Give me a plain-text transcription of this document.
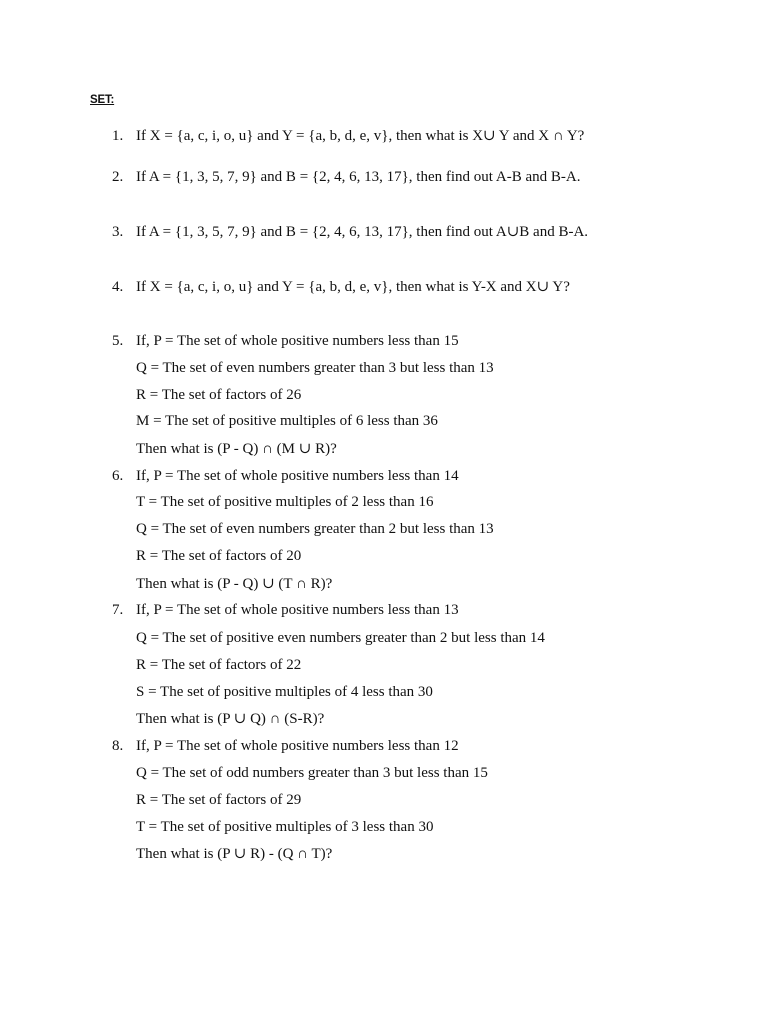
SET:
1. If X = {a, c, i, o, u} and Y = {a, b, d, e, v}, then what is X∪ Y and X ∩ Y?
2. If A = {1, 3, 5, 7, 9} and B = {2, 4, 6, 13, 17}, then find out A-B and B-A.
3. If A = {1, 3, 5, 7, 9} and B = {2, 4, 6, 13, 17}, then find out A∪B and B-A.
4. If X = {a, c, i, o, u} and Y = {a, b, d, e, v}, then what is Y-X and X∪ Y?
5. If, P = The set of whole positive numbers less than 15
Q = The set of even numbers greater than 3 but less than 13
R = The set of factors of 26
M = The set of positive multiples of 6 less than 36
Then what is (P - Q) ∩ (M ∪ R)?
6. If, P = The set of whole positive numbers less than 14
T = The set of positive multiples of 2 less than 16
Q = The set of even numbers greater than 2 but less than 13
R = The set of factors of 20
Then what is (P - Q) ∪ (T ∩ R)?
7. If, P = The set of whole positive numbers less than 13
Q = The set of positive even numbers greater than 2 but less than 14
R = The set of factors of 22
S = The set of positive multiples of 4 less than 30
Then what is (P ∪ Q) ∩ (S-R)?
8. If, P = The set of whole positive numbers less than 12
Q = The set of odd numbers greater than 3 but less than 15
R = The set of factors of 29
T = The set of positive multiples of 3 less than 30
Then what is (P ∪ R) - (Q ∩ T)?
